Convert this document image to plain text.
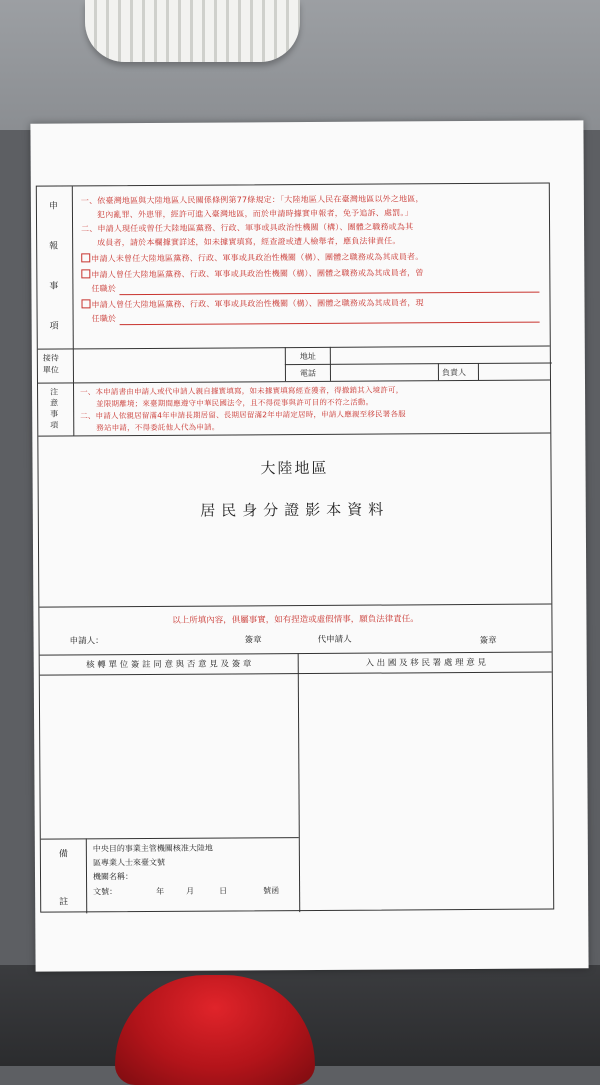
申
報
事
項
一、依臺灣地區與大陸地區人民關係條例第77條規定：「大陸地區人民在臺灣地區以外之地區，
犯內亂罪、外患罪，經許可進入臺灣地區，而於申請時據實申報者，免予追訴、處罰。」
二、申請人現任或曾任大陸地區黨務、行政、軍事或具政治性機關（構）、團體之職務或為其
成員者，請於本欄據實詳述，如未據實填寫，經查證或遭人檢舉者，應負法律責任。
申請人未曾任大陸地區黨務、行政、軍事或具政治性機關（構）、團體之職務或為其成員者。
申請人曾任大陸地區黨務、行政、軍事或具政治性機關（構）、團體之職務或為其成員者，曾
任職於
申請人曾任大陸地區黨務、行政、軍事或具政治性機關（構）、團體之職務或為其成員者，現
任職於
接待
單位
地址
電話	負責人
注
意
事
項
一、本申請書由申請人或代申請人親自據實填寫，如未據實填寫經查獲者，得撤銷其入境許可，
並限期離境；來臺期間應遵守中華民國法令，且不得從事與許可目的不符之活動。
二、申請人依親居留滿4年申請長期居留、長期居留滿2年申請定居時，申請人應親至移民署各服
務站申請，不得委託他人代為申請。
大陸地區
居民身分證影本資料
以上所填內容，俱屬事實，如有捏造或虛假情事，願負法律責任。
申請人：	簽章	代申請人	簽章
核 轉 單 位 簽 註 同 意 與 否 意 見 及 簽 章	入 出 國 及 移 民 署 處 理 意 見
備
註
中央目的事業主管機關核准大陸地
區專業人士來臺文號
機關名稱：
文號：	年	月	日	號函
